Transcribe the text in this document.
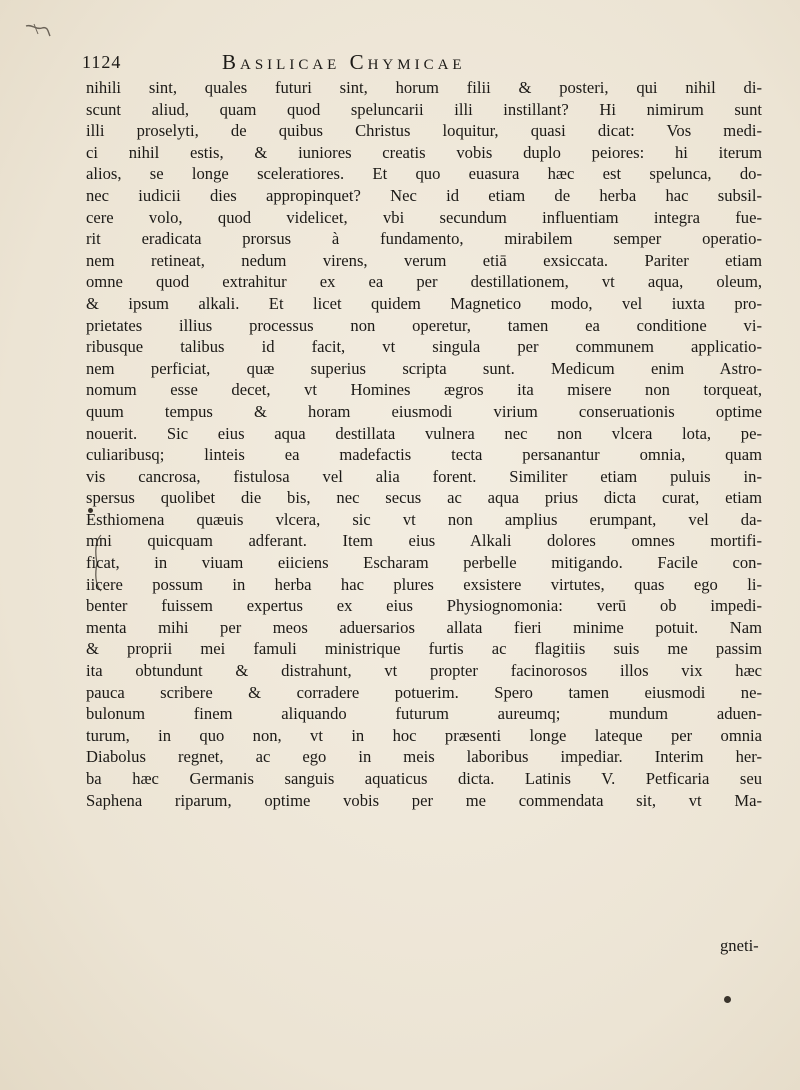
1124	Basilicae Chymicae
nihili sint, quales futuri sint, horum filii & posteri, qui nihil di-
scunt aliud, quam quod speluncarii illi instillant? Hi nimirum sunt
illi proselyti, de quibus Christus loquitur, quasi dicat: Vos medi-
ci nihil estis, & iuniores creatis vobis duplo peiores: hi iterum
alios, se longe sceleratiores. Et quo euasura hæc est spelunca, do-
nec iudicii dies appropinquet? Nec id etiam de herba hac subsil-
cere volo, quod videlicet, vbi secundum influentiam integra fue-
rit eradicata prorsus à fundamento, mirabilem semper operatio-
nem retineat, nedum virens, verum etiā exsiccata. Pariter etiam
omne quod extrahitur ex ea per destillationem, vt aqua, oleum,
& ipsum alkali. Et licet quidem Magnetico modo, vel iuxta pro-
prietates illius processus non operetur, tamen ea conditione vi-
ribusque talibus id facit, vt singula per communem applicatio-
nem perficiat, quæ superius scripta sunt. Medicum enim Astro-
nomum esse decet, vt Homines ægros ita misere non torqueat,
quum tempus & horam eiusmodi virium conseruationis optime
nouerit. Sic eius aqua destillata vulnera nec non vlcera lota, pe-
culiaribusq; linteis ea madefactis tecta persanantur omnia, quam
vis cancrosa, fistulosa vel alia forent. Similiter etiam puluis in-
spersus quolibet die bis, nec secus ac aqua prius dicta curat, etiam
Esthiomena quæuis vlcera, sic vt non amplius erumpant, vel da-
mni quicquam adferant. Item eius Alkali dolores omnes mortifi-
ficat, in viuam eiiciens Escharam perbelle mitigando. Facile con-
iicere possum in herba hac plures exsistere virtutes, quas ego li-
benter fuissem expertus ex eius Physiognomonia: verū ob impedi-
menta mihi per meos aduersarios allata fieri minime potuit. Nam
& proprii mei famuli ministrique furtis ac flagitiis suis me passim
ita obtundunt & distrahunt, vt propter facinorosos illos vix hæc
pauca scribere & corradere potuerim. Spero tamen eiusmodi ne-
bulonum finem aliquando futurum aureumq; mundum aduen-
turum, in quo non, vt in hoc præsenti longe lateque per omnia
Diabolus regnet, ac ego in meis laboribus impediar. Interim her-
ba hæc Germanis sanguis aquaticus dicta. Latinis V. Petficaria seu
Saphena riparum, optime vobis per me commendata sit, vt Ma-
gneti-
